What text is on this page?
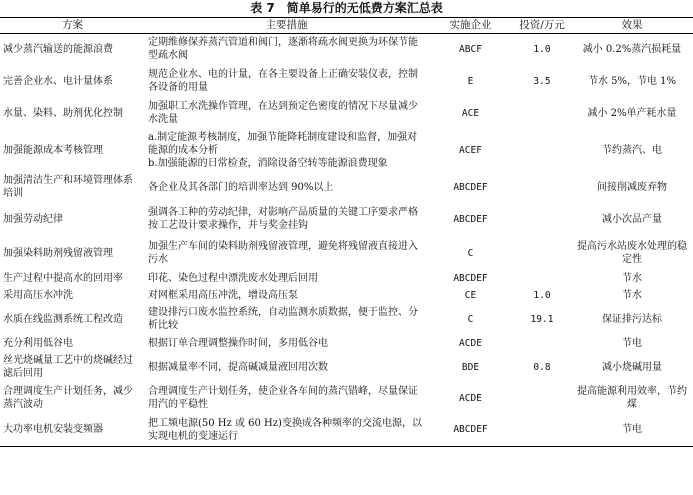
表 7　简单易行的无低费方案汇总表
方案	主要措施	实施企业	投资/万元	效果
减少蒸汽输送的能源浪费	定期维修保养蒸汽管道和阀门，逐渐将疏水阀更换为环保节能型疏水阀	ABCF	1.0	减小 0.2%蒸汽损耗量
完善企业水、电计量体系	规范企业水、电的计量，在各主要设备上正确安装仪表，控制各设备的用量	E	3.5	节水 5%，节电 1%
水量、染料、助剂优化控制	加强职工水洗操作管理，在达到预定色密度的情况下尽量减少水洗量	ACE		减小 2%单产耗水量
加强能源成本考核管理	a.制定能源考核制度，加强节能降耗制度建设和监督，加强对能源的成本分析
b.加强能源的日常检查，消除设备空转等能源浪费现象	ACEF		节约蒸汽、电
加强清洁生产和环境管理体系培训	各企业及其各部门的培训率达到 90%以上	ABCDEF		间接削减废弃物
加强劳动纪律	强调各工种的劳动纪律，对影响产品质量的关键工序要求严格按工艺设计要求操作，并与奖金挂钩	ABCDEF		减小次品产量
加强染料助剂残留液管理	加强生产车间的染料助剂残留液管理，避免将残留液直接进入污水	C		提高污水站废水处理的稳定性
生产过程中提高水的回用率	印花、染色过程中漂洗废水处理后回用	ABCDEF		节水
采用高压水冲洗	对网框采用高压冲洗，增设高压泵	CE	1.0	节水
水质在线监测系统工程改造	建设排污口废水监控系统，自动监测水质数据，便于监控、分析比较	C	19.1	保证排污达标
充分利用低谷电	根据订单合理调整操作时间，多用低谷电	ACDE		节电
丝光烧碱量工艺中的烧碱经过滤后回用	根据减量率不同，提高碱减量液回用次数	BDE	0.8	减小烧碱用量
合理调度生产计划任务，减少蒸汽波动	合理调度生产计划任务，使企业各车间的蒸汽错峰，尽量保证用汽的平稳性	ACDE		提高能源利用效率，节约煤
大功率电机安装变频器	把工频电源(50 Hz 或 60 Hz)变换成各种频率的交流电源，以实现电机的变速运行	ABCDEF		节电
